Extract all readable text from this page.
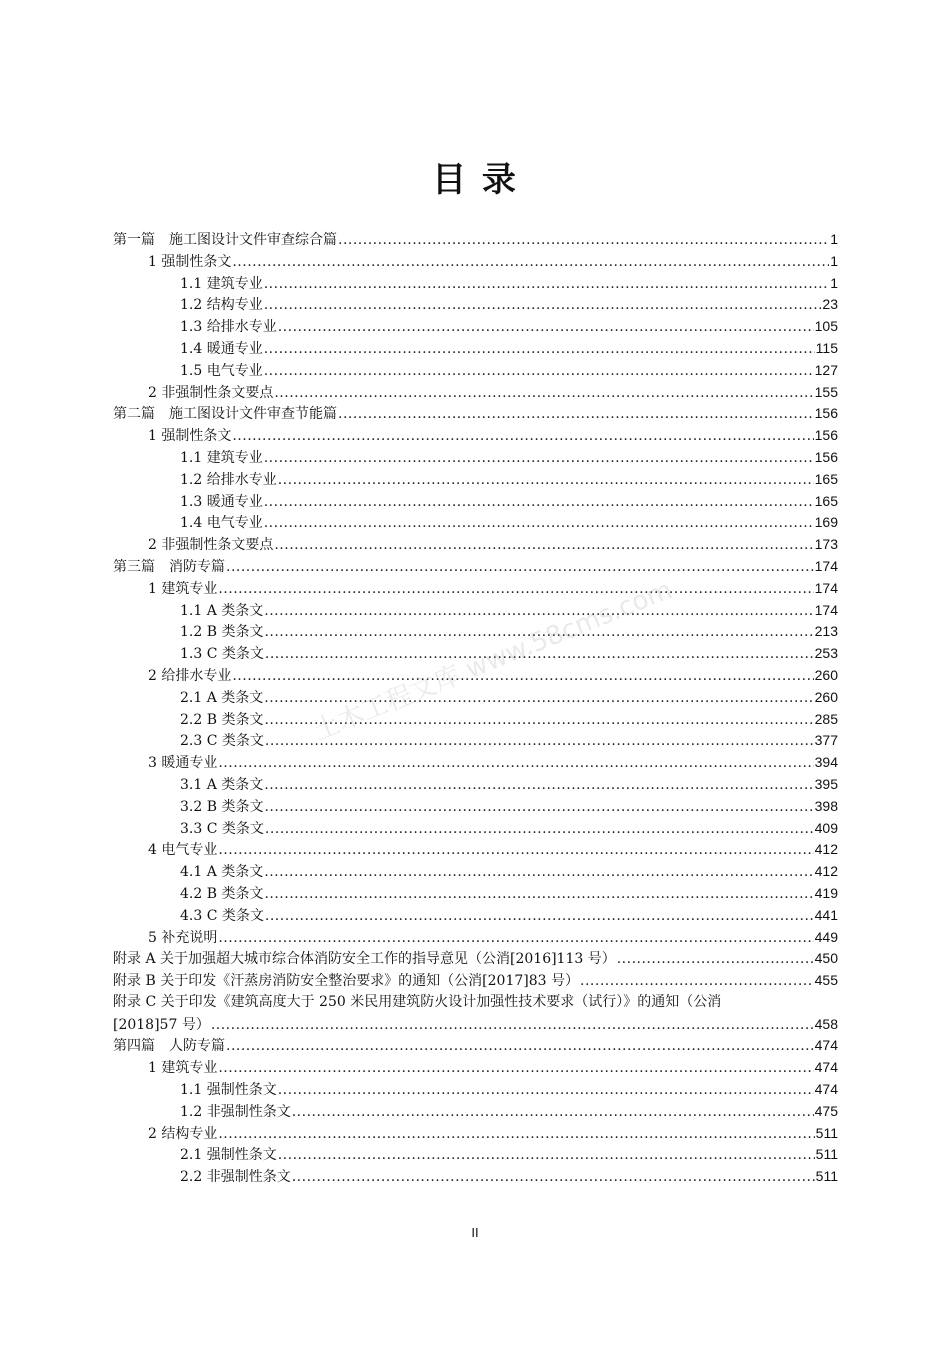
目 录
第一篇　施工图设计文件审查综合篇 .....	1
1 强制性条文 .....	1
1.1 建筑专业 .....	1
1.2 结构专业 .....	23
1.3 给排水专业 .....	105
1.4 暖通专业 .....	115
1.5 电气专业 .....	127
2 非强制性条文要点 .....	155
第二篇　施工图设计文件审查节能篇 .....	156
1 强制性条文 .....	156
1.1 建筑专业 .....	156
1.2 给排水专业 .....	165
1.3 暖通专业 .....	165
1.4 电气专业 .....	169
2 非强制性条文要点 .....	173
第三篇　消防专篇 .....	174
1 建筑专业 .....	174
1.1 A 类条文 .....	174
1.2 B 类条文 .....	213
1.3 C 类条文 .....	253
2 给排水专业 .....	260
2.1 A 类条文 .....	260
2.2 B 类条文 .....	285
2.3 C 类条文 .....	377
3 暖通专业 .....	394
3.1 A 类条文 .....	395
3.2 B 类条文 .....	398
3.3 C 类条文 .....	409
4 电气专业 .....	412
4.1 A 类条文 .....	412
4.2 B 类条文 .....	419
4.3 C 类条文 .....	441
5 补充说明 .....	449
附录 A 关于加强超大城市综合体消防安全工作的指导意见（公消[2016]113 号） .....	450
附录 B 关于印发《汗蒸房消防安全整治要求》的通知（公消[2017]83 号） .....	455
附录 C 关于印发《建筑高度大于 250 米民用建筑防火设计加强性技术要求（试行）》的通知（公消
[2018]57 号） .....	458
第四篇　人防专篇 .....	474
1 建筑专业 .....	474
1.1 强制性条文 .....	474
1.2 非强制性条文 .....	475
2 结构专业 .....	511
2.1 强制性条文 .....	511
2.2 非强制性条文 .....	511
土木工程文库 www.58cms.com
II
